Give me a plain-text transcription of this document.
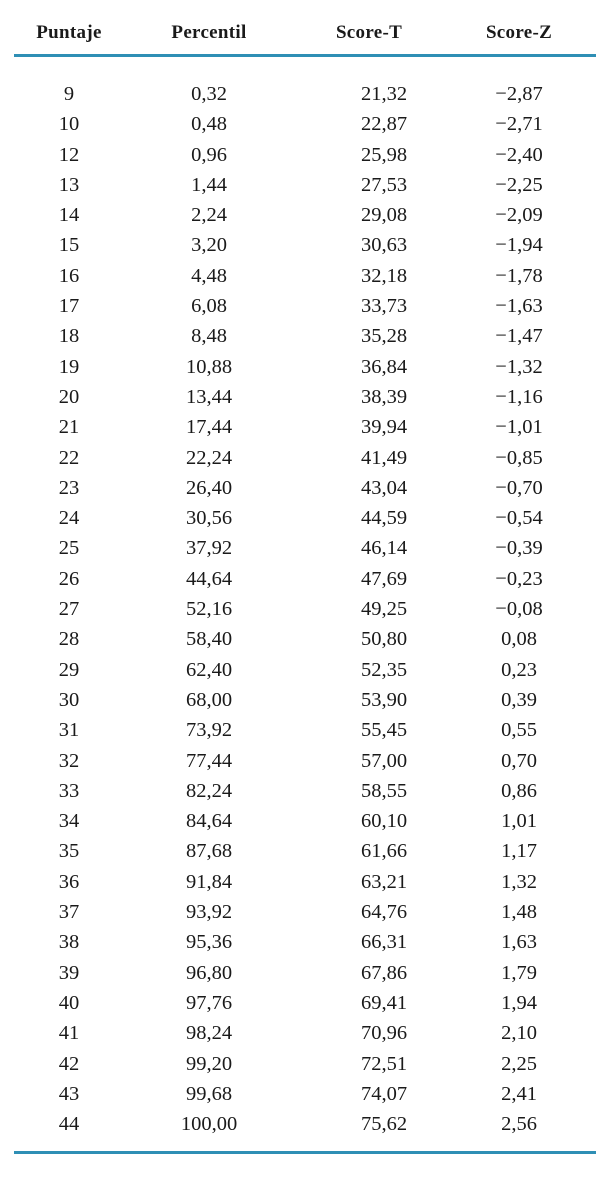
Puntaje	Percentil	Score-T	Score-Z
9	0,32	21,32	−2,87
10	0,48	22,87	−2,71
12	0,96	25,98	−2,40
13	1,44	27,53	−2,25
14	2,24	29,08	−2,09
15	3,20	30,63	−1,94
16	4,48	32,18	−1,78
17	6,08	33,73	−1,63
18	8,48	35,28	−1,47
19	10,88	36,84	−1,32
20	13,44	38,39	−1,16
21	17,44	39,94	−1,01
22	22,24	41,49	−0,85
23	26,40	43,04	−0,70
24	30,56	44,59	−0,54
25	37,92	46,14	−0,39
26	44,64	47,69	−0,23
27	52,16	49,25	−0,08
28	58,40	50,80	0,08
29	62,40	52,35	0,23
30	68,00	53,90	0,39
31	73,92	55,45	0,55
32	77,44	57,00	0,70
33	82,24	58,55	0,86
34	84,64	60,10	1,01
35	87,68	61,66	1,17
36	91,84	63,21	1,32
37	93,92	64,76	1,48
38	95,36	66,31	1,63
39	96,80	67,86	1,79
40	97,76	69,41	1,94
41	98,24	70,96	2,10
42	99,20	72,51	2,25
43	99,68	74,07	2,41
44	100,00	75,62	2,56
